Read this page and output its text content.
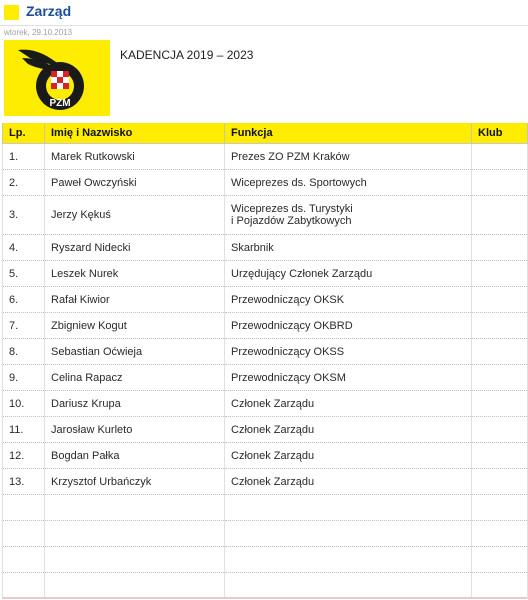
Zarząd
wtorek, 29.10.2013
PZM
KADENCJA 2019 – 2023
Lp.	Imię i Nazwisko	Funkcja	Klub
1.	Marek Rutkowski	Prezes ZO PZM Kraków	

2.	Paweł Owczyński	Wiceprezes ds. Sportowych	

3.	Jerzy Kękuś	Wiceprezes ds. Turystyki
i Pojazdów Zabytkowych	

4.	Ryszard Nidecki	Skarbnik	

5.	Leszek Nurek	Urzędujący Członek Zarządu	

6.	Rafał Kiwior	Przewodniczący OKSK	

7.	Zbigniew Kogut	Przewodniczący OKBRD	

8.	Sebastian Oćwieja	Przewodniczący OKSS	

9.	Celina Rapacz	Przewodniczący OKSM	

10.	Dariusz Krupa	Członek Zarządu	

11.	Jarosław Kurleto	Członek Zarządu	

12.	Bogdan Pałka	Członek Zarządu	

13.	Krzysztof Urbańczyk	Członek Zarządu	
